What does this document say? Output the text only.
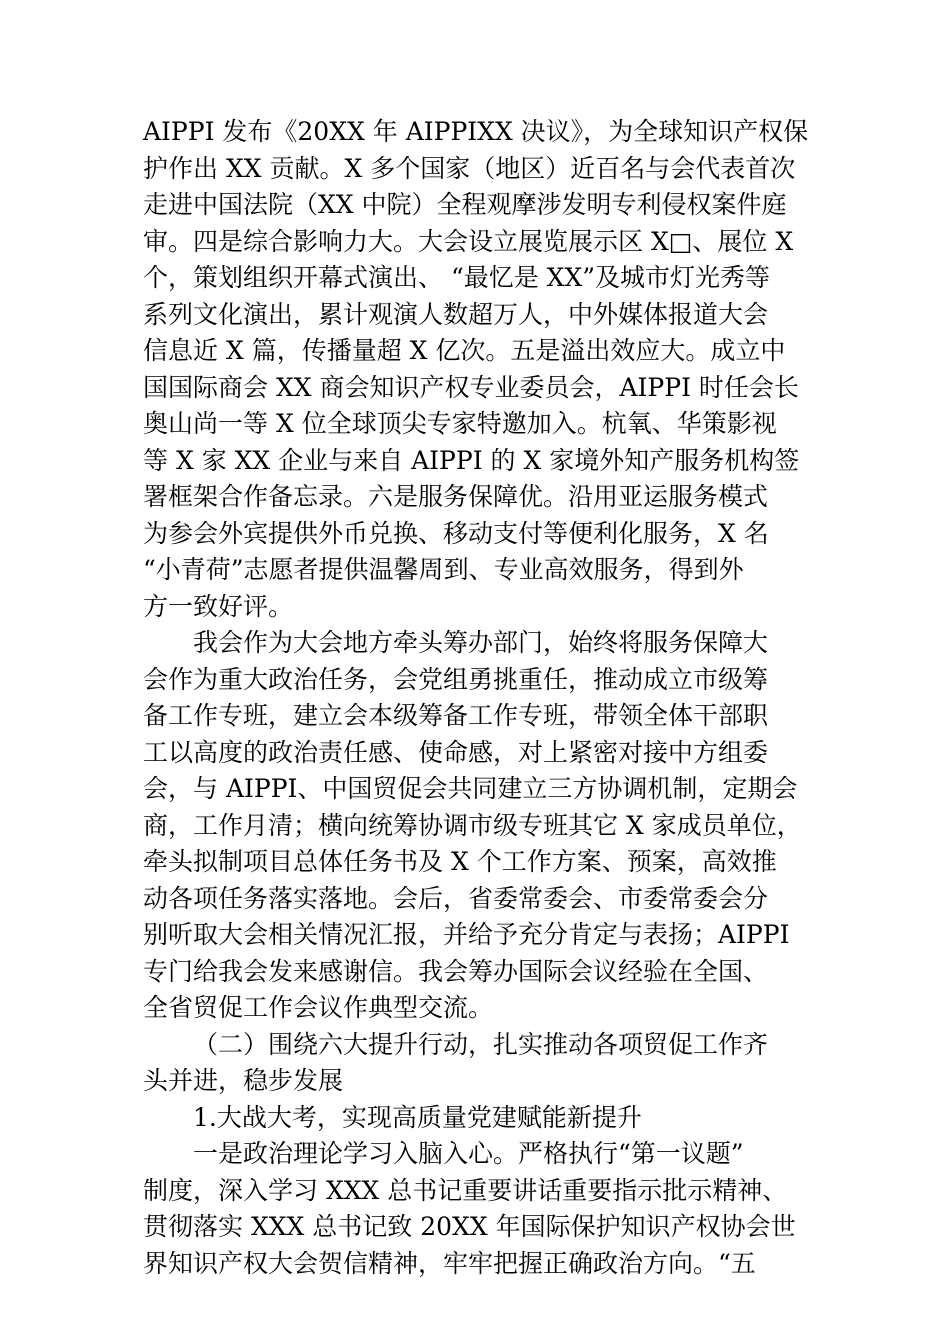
AIPPI 发布《20XX 年 AIPPIXX 决议》，为全球知识产权保
护作出 XX 贡献。X 多个国家（地区）近百名与会代表首次
走进中国法院（XX 中院）全程观摩涉发明专利侵权案件庭
审。四是综合影响力大。大会设立展览展示区 X□、展位 X
个，策划组织开幕式演出、 “最忆是 XX”及城市灯光秀等
系列文化演出，累计观演人数超万人，中外媒体报道大会
信息近 X 篇，传播量超 X 亿次。五是溢出效应大。成立中
国国际商会 XX 商会知识产权专业委员会，AIPPI 时任会长
奥山尚一等 X 位全球顶尖专家特邀加入。杭氧、华策影视
等 X 家 XX 企业与来自 AIPPI 的 X 家境外知产服务机构签
署框架合作备忘录。六是服务保障优。沿用亚运服务模式
为参会外宾提供外币兑换、移动支付等便利化服务，X 名
“小青荷”志愿者提供温馨周到、专业高效服务，得到外
方一致好评。
我会作为大会地方牵头筹办部门，始终将服务保障大
会作为重大政治任务，会党组勇挑重任，推动成立市级筹
备工作专班，建立会本级筹备工作专班，带领全体干部职
工以高度的政治责任感、使命感，对上紧密对接中方组委
会，与 AIPPI、中国贸促会共同建立三方协调机制，定期会
商，工作月清；横向统筹协调市级专班其它 X 家成员单位，
牵头拟制项目总体任务书及 X 个工作方案、预案，高效推
动各项任务落实落地。会后，省委常委会、市委常委会分
别听取大会相关情况汇报，并给予充分肯定与表扬；AIPPI
专门给我会发来感谢信。我会筹办国际会议经验在全国、
全省贸促工作会议作典型交流。
（二）围绕六大提升行动，扎实推动各项贸促工作齐
头并进，稳步发展
1.大战大考，实现高质量党建赋能新提升
一是政治理论学习入脑入心。严格执行“第一议题”
制度，深入学习 XXX 总书记重要讲话重要指示批示精神、
贯彻落实 XXX 总书记致 20XX 年国际保护知识产权协会世
界知识产权大会贺信精神，牢牢把握正确政治方向。“五
